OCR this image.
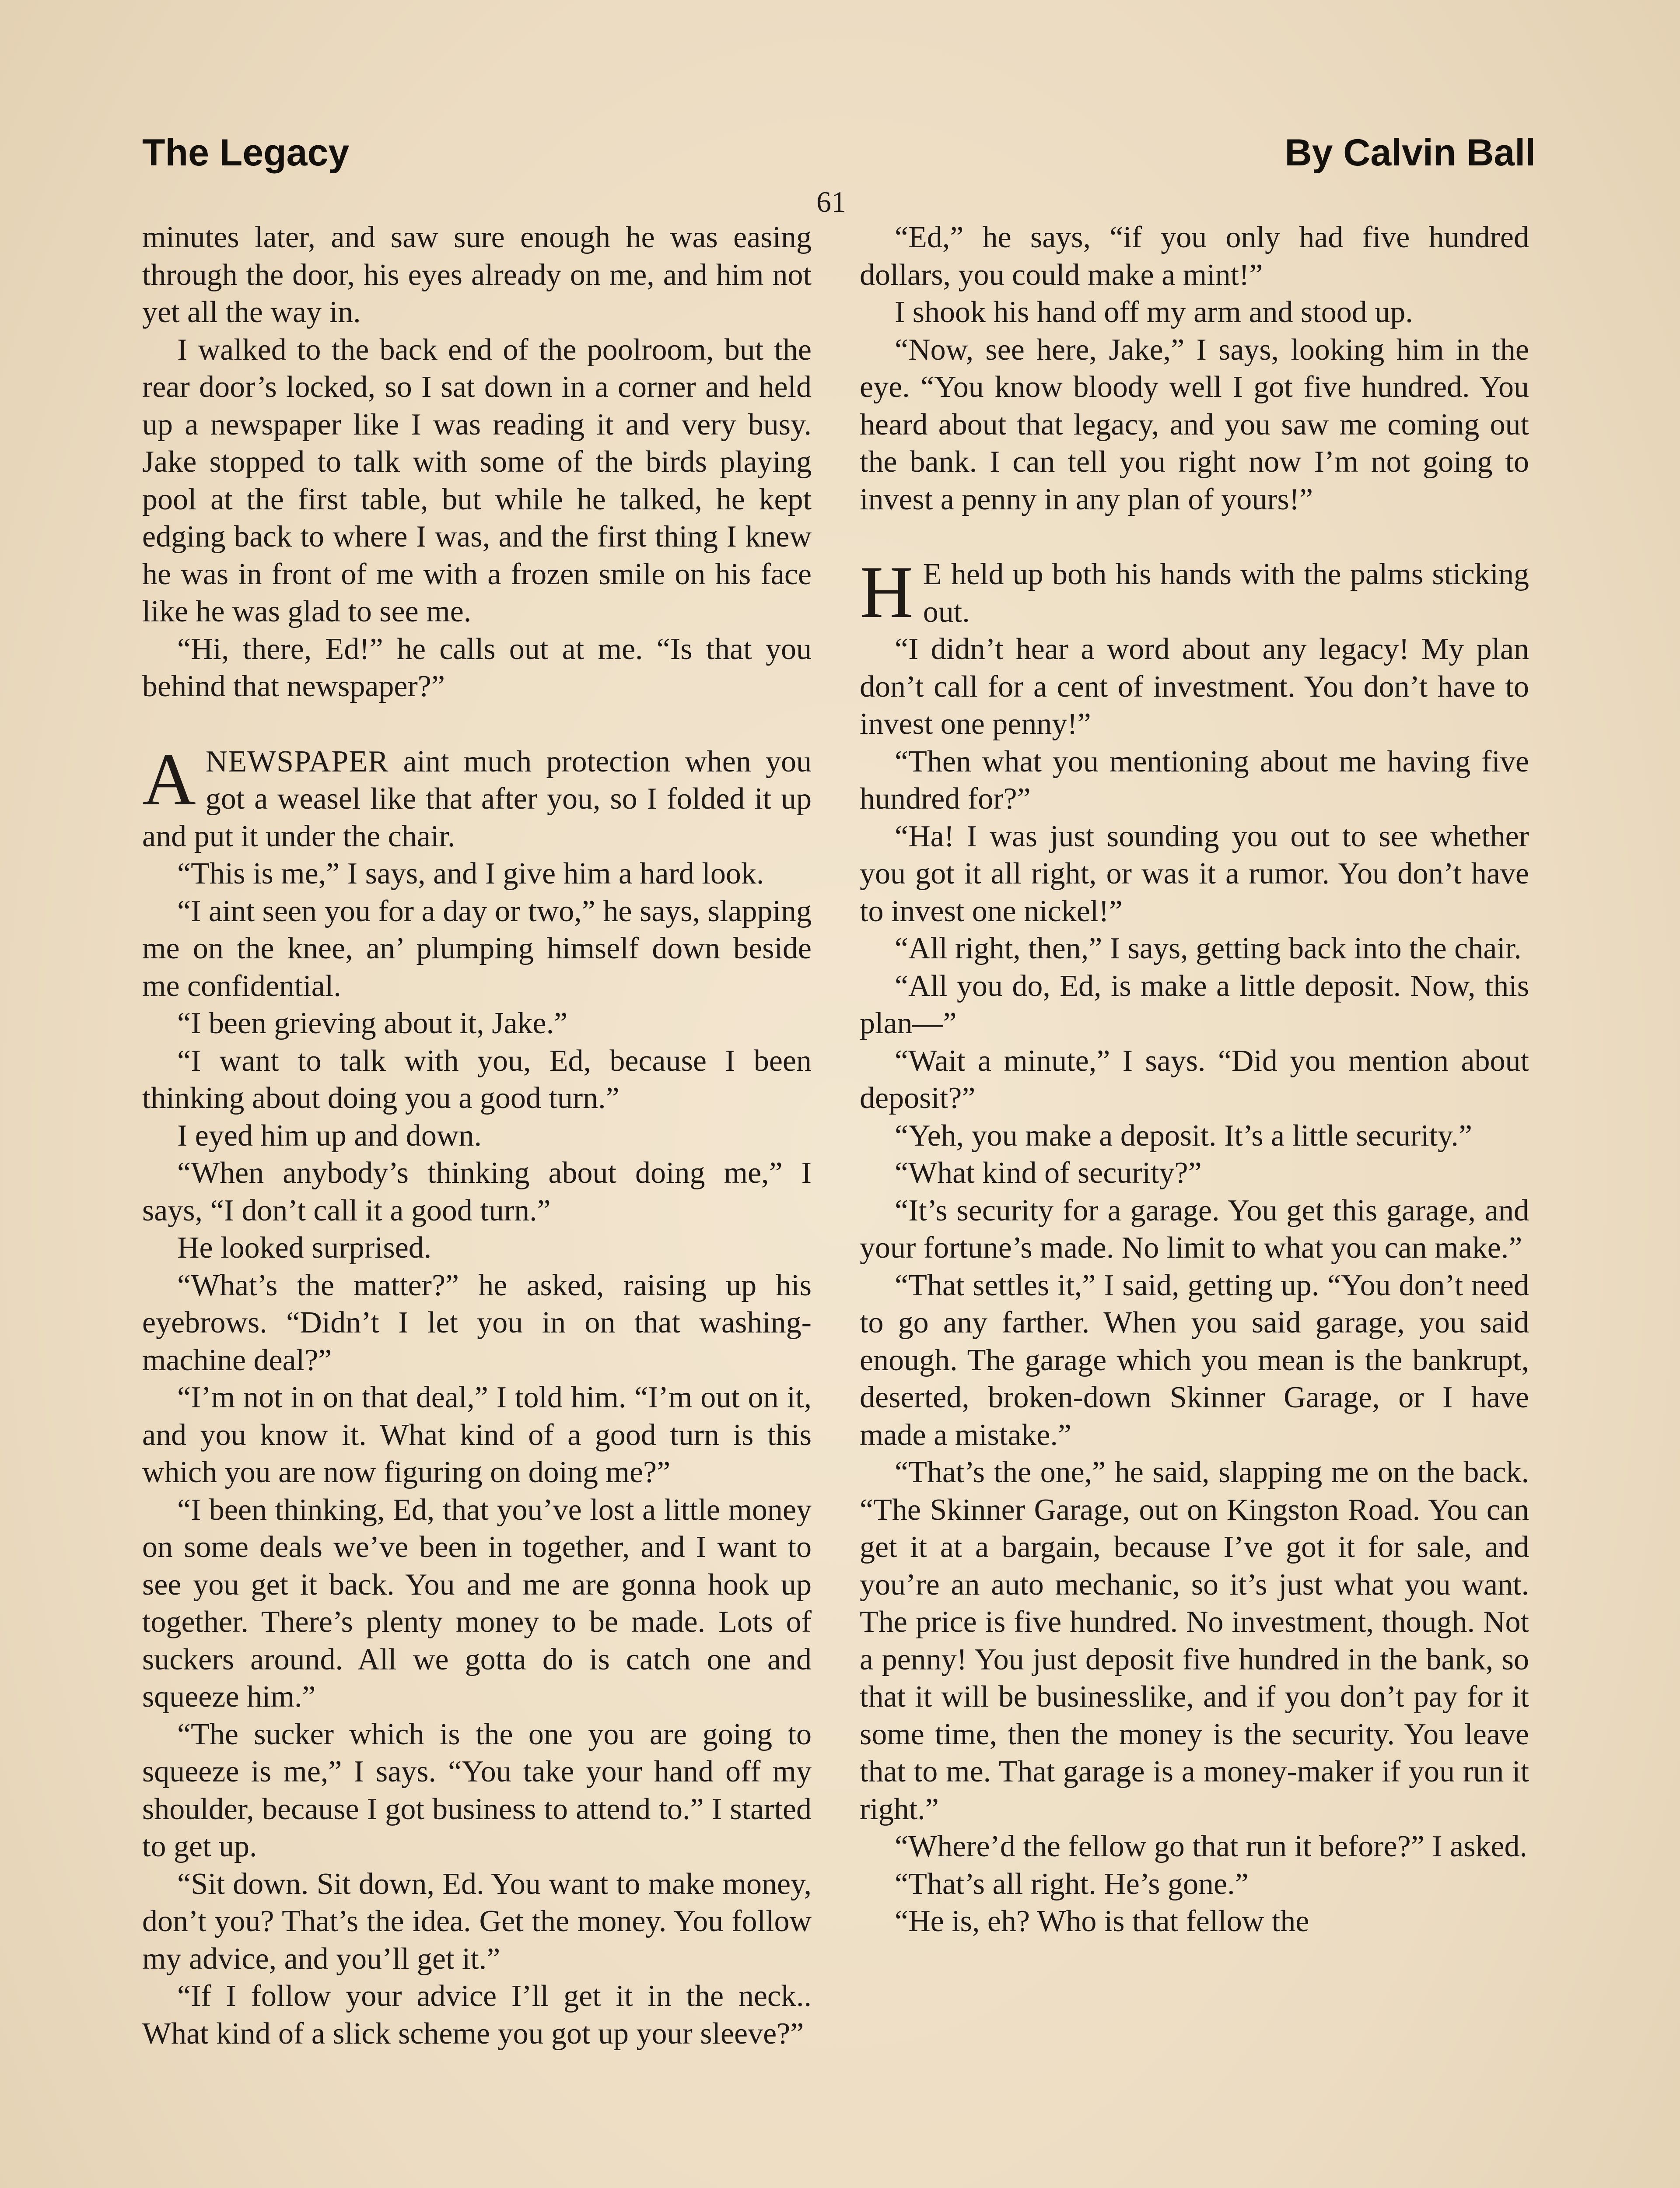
The Legacy	By Calvin Ball
61

minutes later, and saw sure enough he was easing through the door, his eyes already on me, and him not yet all the way in.

I walked to the back end of the poolroom, but the rear door’s locked, so I sat down in a corner and held up a newspaper like I was reading it and very busy. Jake stopped to talk with some of the birds playing pool at the first table, but while he talked, he kept edging back to where I was, and the first thing I knew he was in front of me with a frozen smile on his face like he was glad to see me.

“Hi, there, Ed!” he calls out at me. “Is that you behind that newspaper?”

ANEWSPAPER aint much protection when you got a weasel like that after you, so I folded it up and put it under the chair.

“This is me,” I says, and I give him a hard look.

“I aint seen you for a day or two,” he says, slapping me on the knee, an’ plumping himself down beside me confidential.

“I been grieving about it, Jake.”

“I want to talk with you, Ed, because I been thinking about doing you a good turn.”

I eyed him up and down.

“When anybody’s thinking about doing me,” I says, “I don’t call it a good turn.”

He looked surprised.

“What’s the matter?” he asked, raising up his eyebrows. “Didn’t I let you in on that washing-machine deal?”

“I’m not in on that deal,” I told him. “I’m out on it, and you know it. What kind of a good turn is this which you are now figuring on doing me?”

“I been thinking, Ed, that you’ve lost a little money on some deals we’ve been in together, and I want to see you get it back. You and me are gonna hook up together. There’s plenty money to be made. Lots of suckers around. All we gotta do is catch one and squeeze him.”

“The sucker which is the one you are going to squeeze is me,” I says. “You take your hand off my shoulder, because I got business to attend to.” I started to get up.

“Sit down. Sit down, Ed. You want to make money, don’t you? That’s the idea. Get the money. You follow my advice, and you’ll get it.”

“If I follow your advice I’ll get it in the neck.. What kind of a slick scheme you got up your sleeve?”

“Ed,” he says, “if you only had five hundred dollars, you could make a mint!”

I shook his hand off my arm and stood up.

“Now, see here, Jake,” I says, looking him in the eye. “You know bloody well I got five hundred. You heard about that legacy, and you saw me coming out the bank. I can tell you right now I’m not going to invest a penny in any plan of yours!”

H E held up both his hands with the palms sticking out.

“I didn’t hear a word about any legacy! My plan don’t call for a cent of investment. You don’t have to invest one penny!”

“Then what you mentioning about me having five hundred for?”

“Ha! I was just sounding you out to see whether you got it all right, or was it a rumor. You don’t have to invest one nickel!”

“All right, then,” I says, getting back into the chair.

“All you do, Ed, is make a little deposit. Now, this plan—”

“Wait a minute,” I says. “Did you mention about deposit?”

“Yeh, you make a deposit. It’s a little security.”

“What kind of security?”

“It’s security for a garage. You get this garage, and your fortune’s made. No limit to what you can make.”

“That settles it,” I said, getting up. “You don’t need to go any farther. When you said garage, you said enough. The garage which you mean is the bankrupt, deserted, broken-down Skinner Garage, or I have made a mistake.”

“That’s the one,” he said, slapping me on the back. “The Skinner Garage, out on Kingston Road. You can get it at a bargain, because I’ve got it for sale, and you’re an auto mechanic, so it’s just what you want. The price is five hundred. No investment, though. Not a penny! You just deposit five hundred in the bank, so that it will be businesslike, and if you don’t pay for it some time, then the money is the security. You leave that to me. That garage is a money-maker if you run it right.”

“Where’d the fellow go that run it before?” I asked.

“That’s all right. He’s gone.”

“He is, eh? Who is that fellow the
